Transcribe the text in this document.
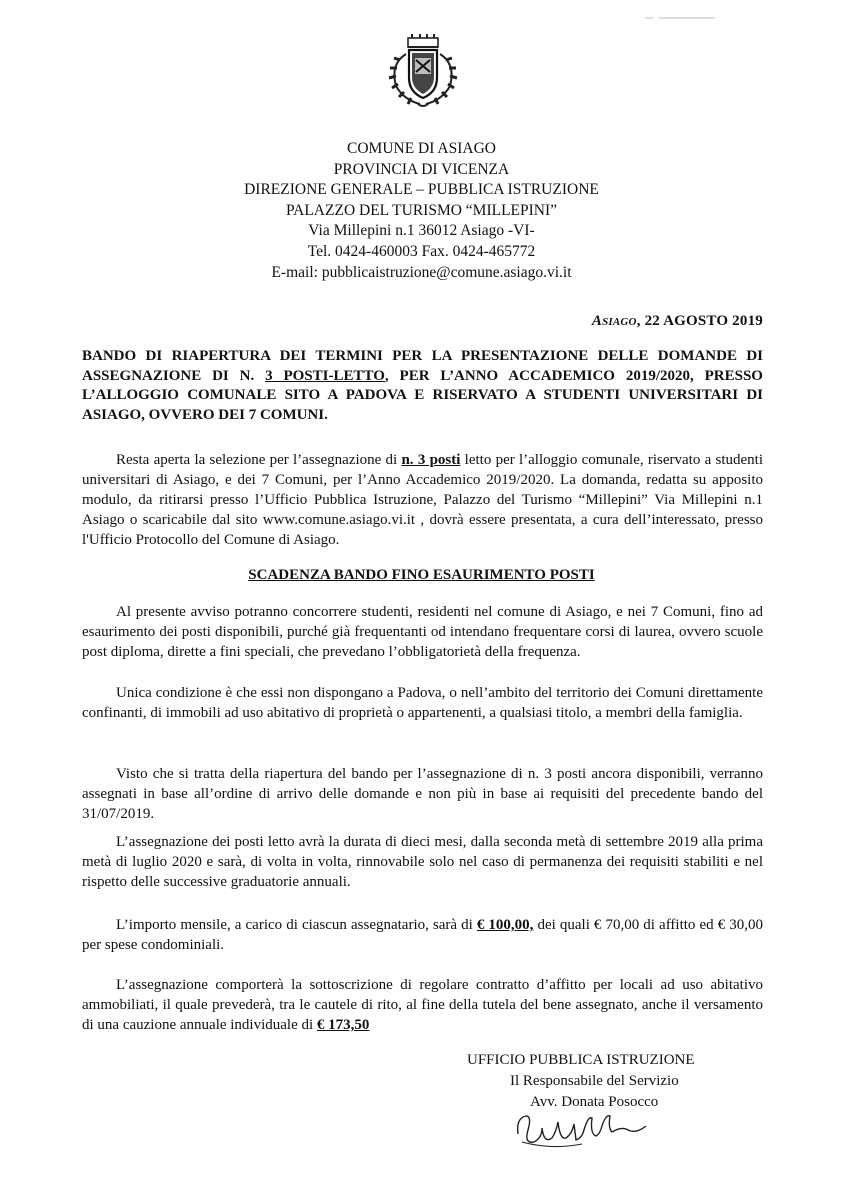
COMUNE DI ASIAGO
PROVINCIA DI VICENZA
DIREZIONE GENERALE – PUBBLICA ISTRUZIONE
PALAZZO DEL TURISMO “MILLEPINI”
Via Millepini n.1 36012 Asiago -VI-
Tel. 0424-460003 Fax. 0424-465772
E-mail: pubblicaistruzione@comune.asiago.vi.it
Asiago, 22 AGOSTO 2019
BANDO DI RIAPERTURA DEI TERMINI PER LA PRESENTAZIONE DELLE DOMANDE DI ASSEGNAZIONE DI N. 3 POSTI-LETTO, PER L’ANNO ACCADEMICO 2019/2020, PRESSO L’ALLOGGIO COMUNALE SITO A PADOVA E RISERVATO A STUDENTI UNIVERSITARI DI ASIAGO, OVVERO DEI 7 COMUNI.
Resta aperta la selezione per l’assegnazione di n. 3 posti letto per l’alloggio comunale, riservato a studenti universitari di Asiago, e dei 7 Comuni, per l’Anno Accademico 2019/2020. La domanda, redatta su apposito modulo, da ritirarsi presso l’Ufficio Pubblica Istruzione, Palazzo del Turismo “Millepini” Via Millepini n.1 Asiago o scaricabile dal sito www.comune.asiago.vi.it , dovrà essere presentata, a cura dell’interessato, presso l'Ufficio Protocollo del Comune di Asiago.
SCADENZA BANDO FINO ESAURIMENTO POSTI
Al presente avviso potranno concorrere studenti, residenti nel comune di Asiago, e nei 7 Comuni, fino ad esaurimento dei posti disponibili, purché già frequentanti od intendano frequentare corsi di laurea, ovvero scuole post diploma, dirette a fini speciali, che prevedano l’obbligatorietà della frequenza.
Unica condizione è che essi non dispongano a Padova, o nell’ambito del territorio dei Comuni direttamente confinanti, di immobili ad uso abitativo di proprietà o appartenenti, a qualsiasi titolo, a membri della famiglia.
Visto che si tratta della riapertura del bando per l’assegnazione di n. 3 posti ancora disponibili, verranno assegnati in base all’ordine di arrivo delle domande e non più in base ai requisiti del precedente bando del 31/07/2019.
L’assegnazione dei posti letto avrà la durata di dieci mesi, dalla seconda metà di settembre 2019 alla prima metà di luglio 2020 e sarà, di volta in volta, rinnovabile solo nel caso di permanenza dei requisiti stabiliti e nel rispetto delle successive graduatorie annuali.
L’importo mensile, a carico di ciascun assegnatario, sarà di € 100,00, dei quali € 70,00 di affitto ed € 30,00 per spese condominiali.
L’assegnazione comporterà la sottoscrizione di regolare contratto d’affitto per locali ad uso abitativo ammobiliati, il quale prevederà, tra le cautele di rito, al fine della tutela del bene assegnato, anche il versamento di una cauzione annuale individuale di € 173,50
UFFICIO PUBBLICA ISTRUZIONE
Il Responsabile del Servizio
Avv. Donata Posocco
